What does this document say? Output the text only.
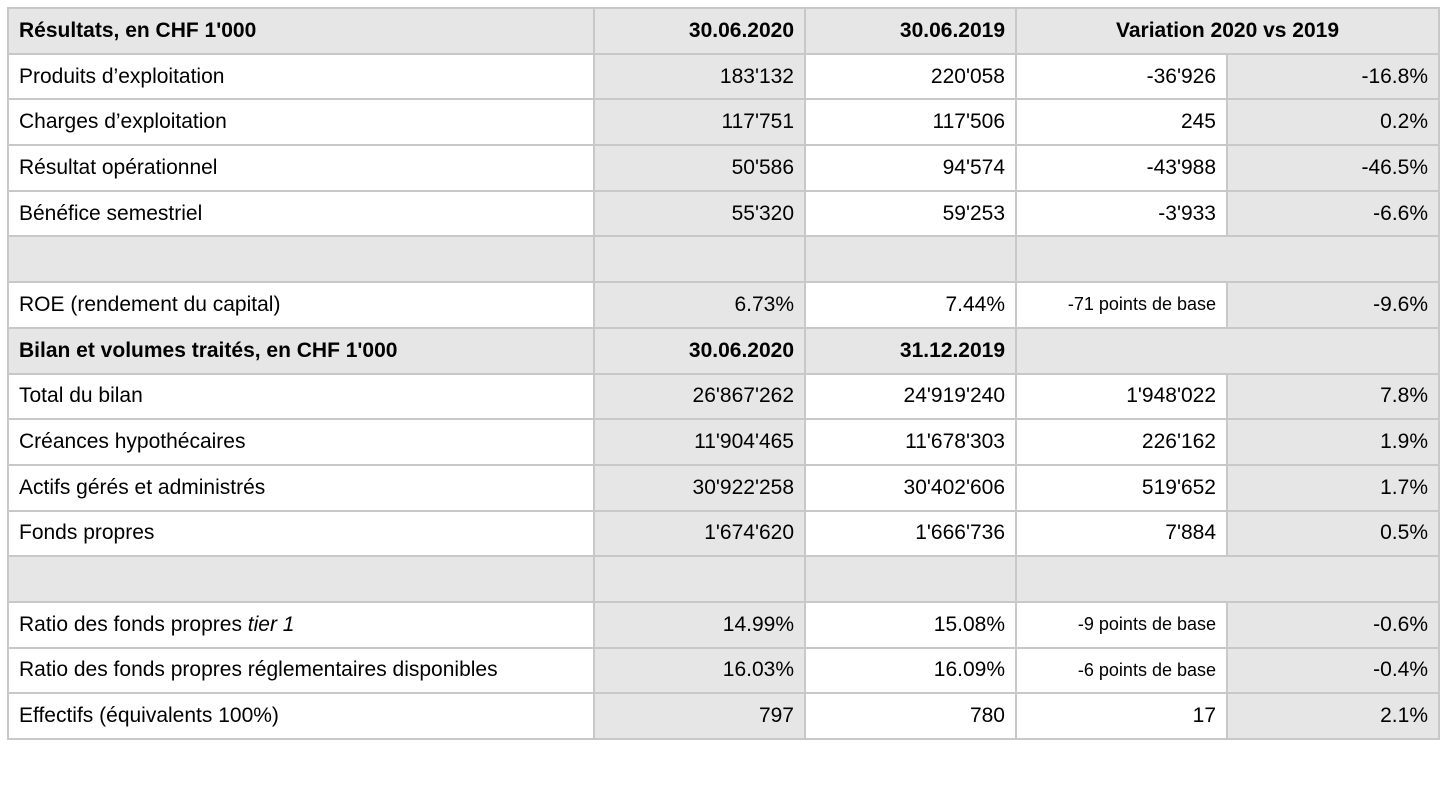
Résultats, en CHF 1'000	30.06.2020	30.06.2019	Variation 2020 vs 2019	
Produits d’exploitation	183'132	220'058	-36'926	-16.8%
Charges d’exploitation	117'751	117'506	245	0.2%
Résultat opérationnel	50'586	94'574	-43'988	-46.5%
Bénéfice semestriel	55'320	59'253	-3'933	-6.6%

ROE (rendement du capital)	6.73%	7.44%	-71 points de base	-9.6%
Bilan et volumes traités, en CHF 1'000	30.06.2020	31.12.2019		
Total du bilan	26'867'262	24'919'240	1'948'022	7.8%
Créances hypothécaires	11'904'465	11'678'303	226'162	1.9%
Actifs gérés et administrés	30'922'258	30'402'606	519'652	1.7%
Fonds propres	1'674'620	1'666'736	7'884	0.5%

Ratio des fonds propres tier 1	14.99%	15.08%	-9 points de base	-0.6%
Ratio des fonds propres réglementaires disponibles	16.03%	16.09%	-6 points de base	-0.4%
Effectifs (équivalents 100%)	797	780	17	2.1%
